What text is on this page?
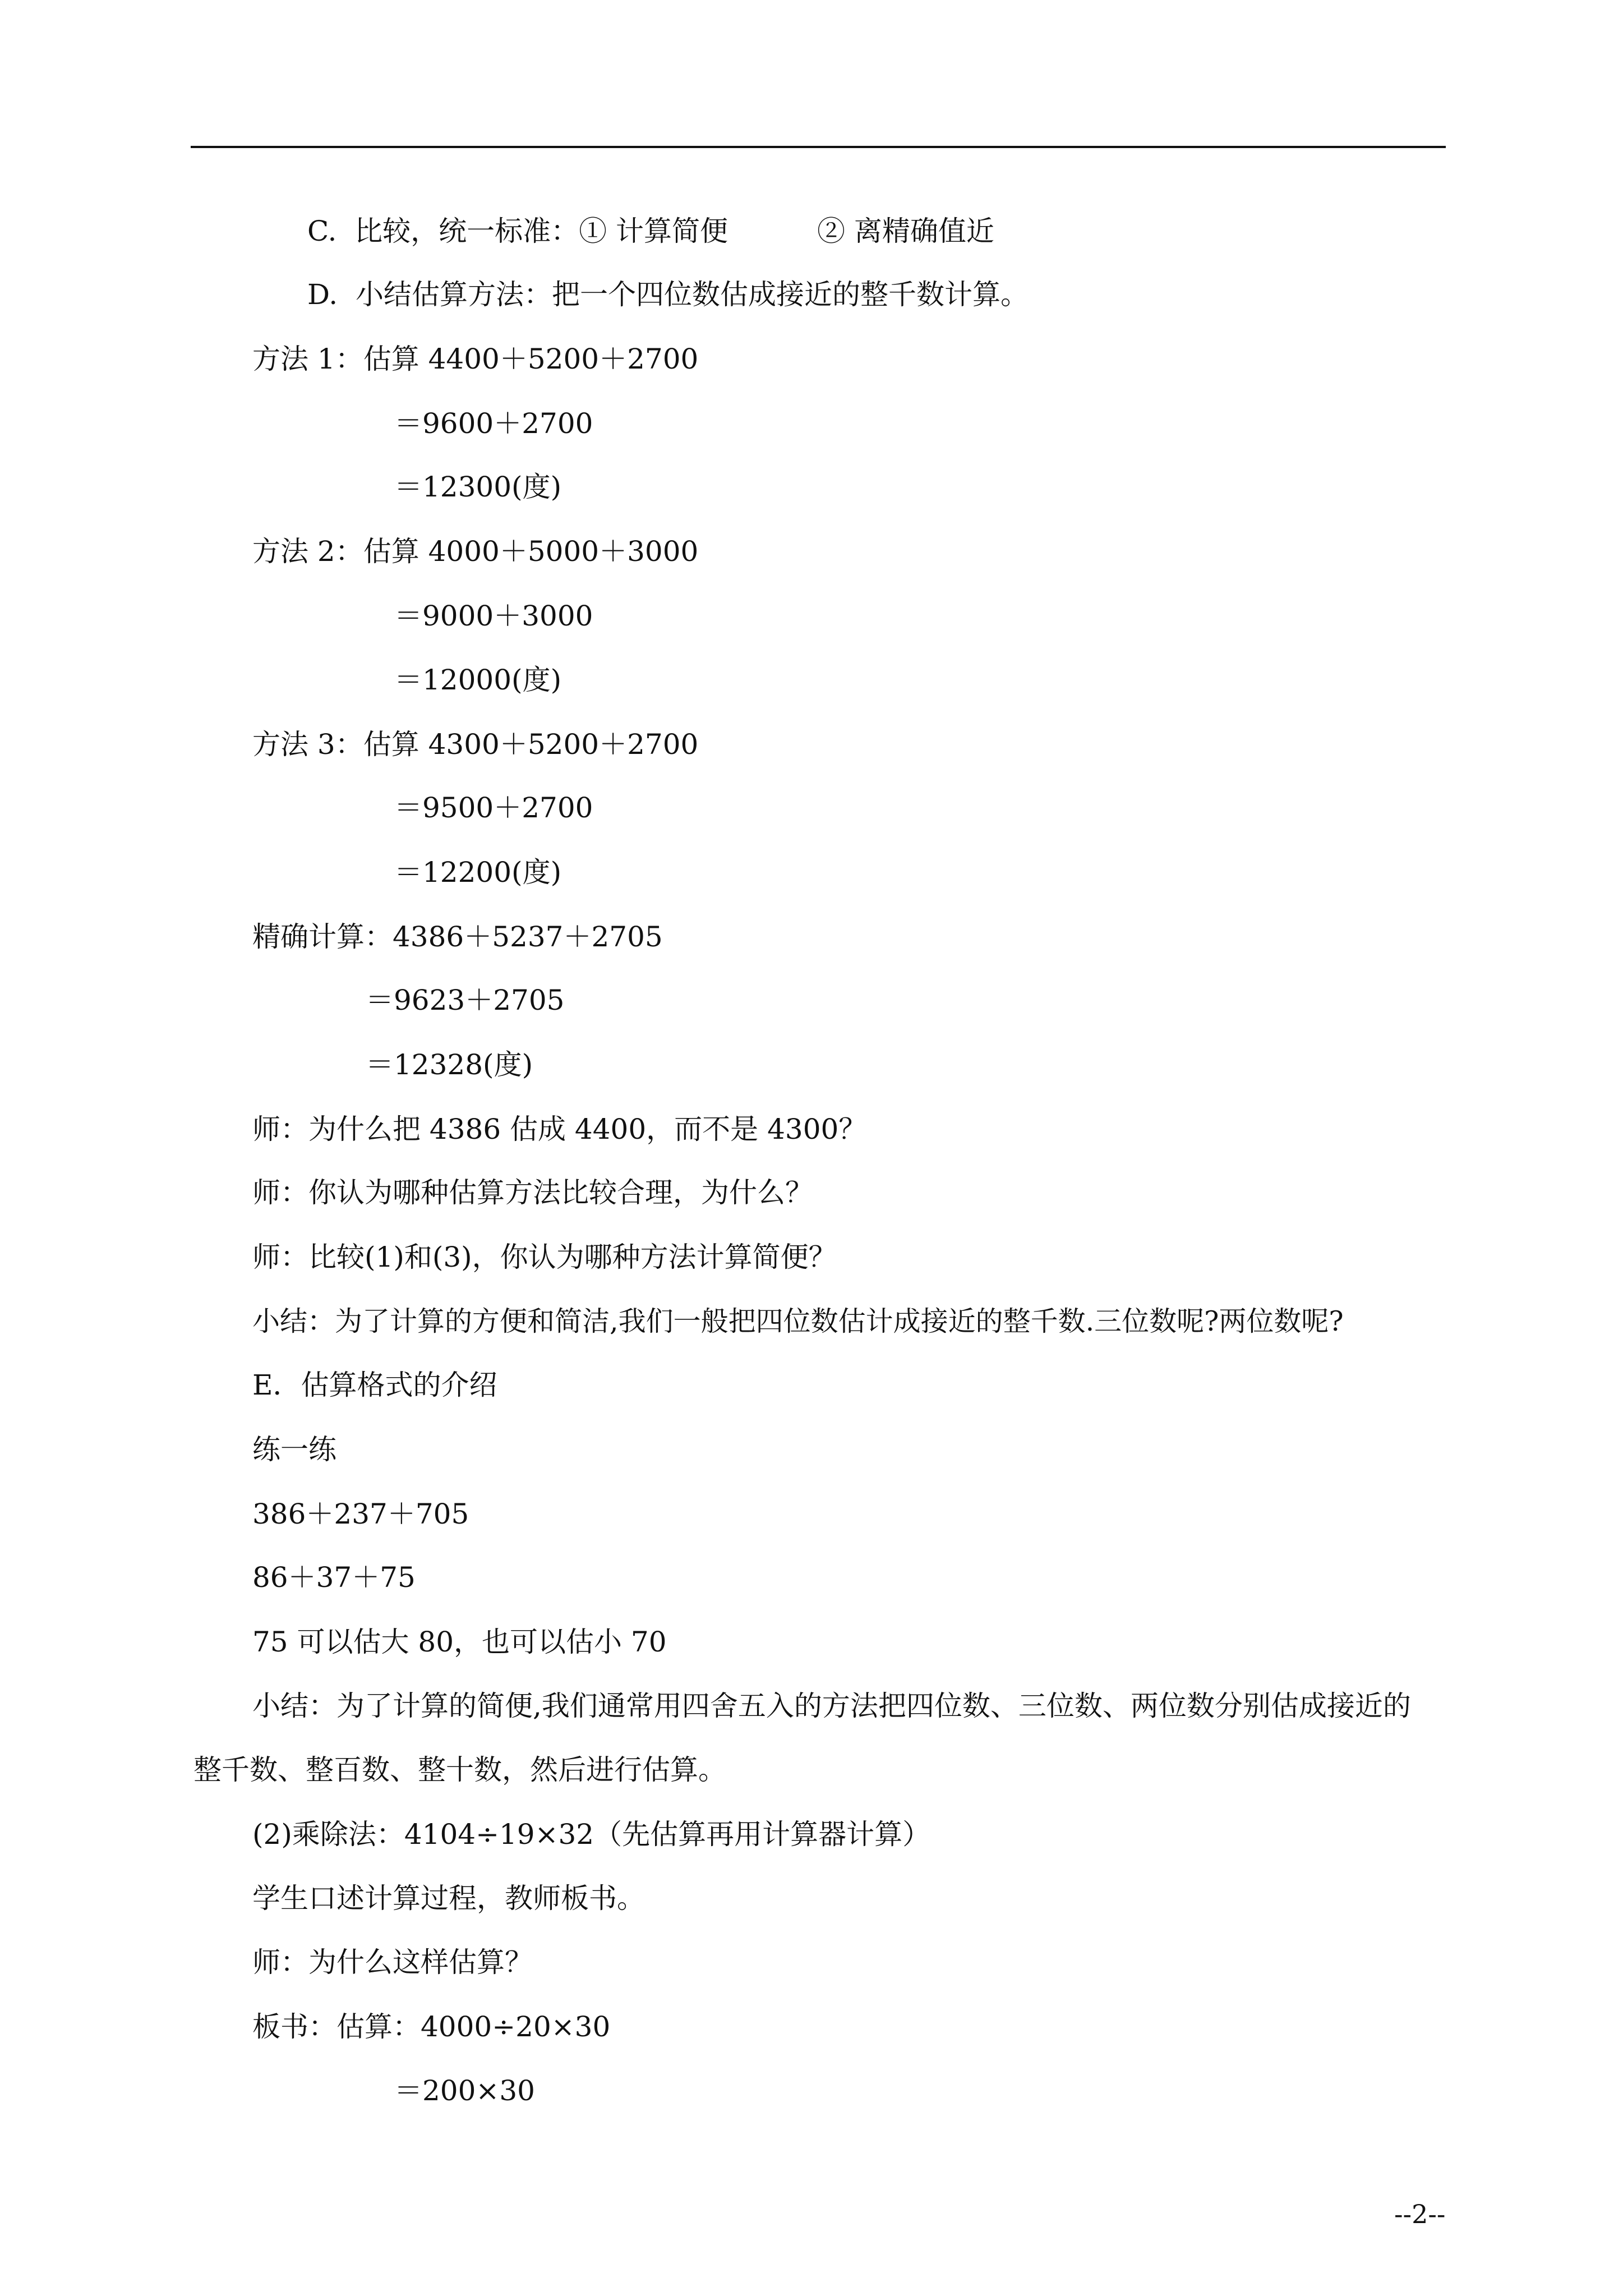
C.  比较，统一标准：① 计算简便          ② 离精确值近
D.  小结估算方法：把一个四位数估成接近的整千数计算。
方法 1：估算 4400＋5200＋2700
＝9600＋2700
＝12300(度)
方法 2：估算 4000＋5000＋3000
＝9000＋3000
＝12000(度)
方法 3：估算 4300＋5200＋2700
＝9500＋2700
＝12200(度)
精确计算：4386＋5237＋2705
＝9623＋2705
＝12328(度)
师：为什么把 4386 估成 4400，而不是 4300？
师：你认为哪种估算方法比较合理，为什么？
师：比较(1)和(3)，你认为哪种方法计算简便？
小结：为了计算的方便和简洁,我们一般把四位数估计成接近的整千数.三位数呢?两位数呢?
E．估算格式的介绍
练一练
386＋237＋705
86＋37＋75
75 可以估大 80，也可以估小 70
小结：为了计算的简便,我们通常用四舍五入的方法把四位数、三位数、两位数分别估成接近的
整千数、整百数、整十数，然后进行估算。
(2)乘除法：4104÷19×32（先估算再用计算器计算）
学生口述计算过程，教师板书。
师：为什么这样估算？
板书：估算：4000÷20×30
＝200×30
--2--
